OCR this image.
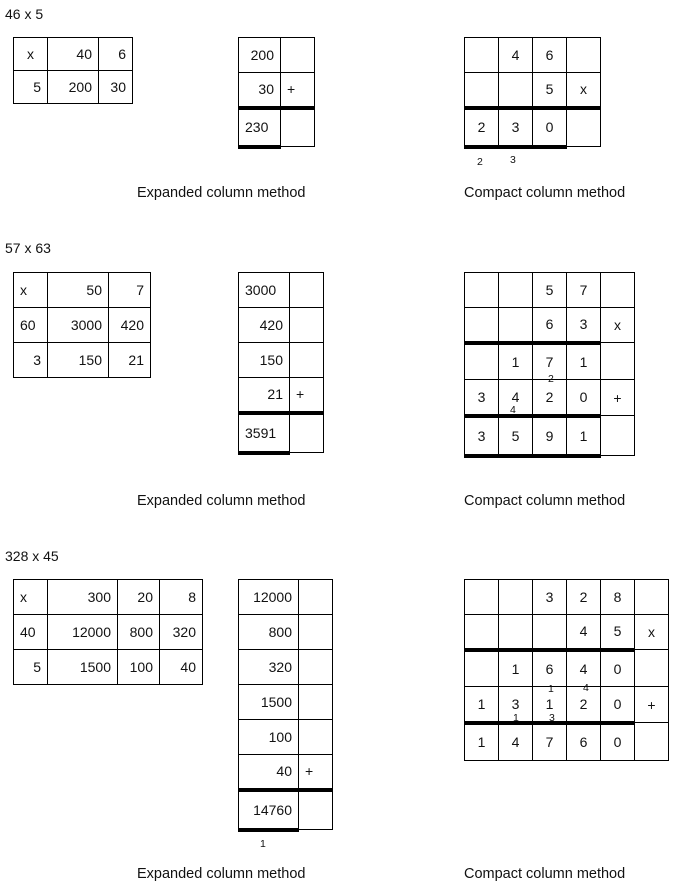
46 x 5
x	40	6
5	200	30
200	
30	+
230	
	4	6	
		5	x
2	3	0	
2	3
Expanded column method	Compact column method
57 x 63
x	50	7
60	3000	420
3	150	21
3000	
420	
150	
21	+
3591	
		5	7	
		6	3	x
	1	7	1	
3	4	2	0	+
3	5	9	1	
2
4
Expanded column method	Compact column method
328 x 45
x	300	20	8
40	12000	800	320
5	1500	100	40
12000	
800	
320	
1500	
100	
40	+
14760	
1
		3	2	8	
			4	5	x
	1	6	4	0	
1	3	1	2	0	+
1	4	7	6	0	
1	4
1	3
Expanded column method	Compact column method
